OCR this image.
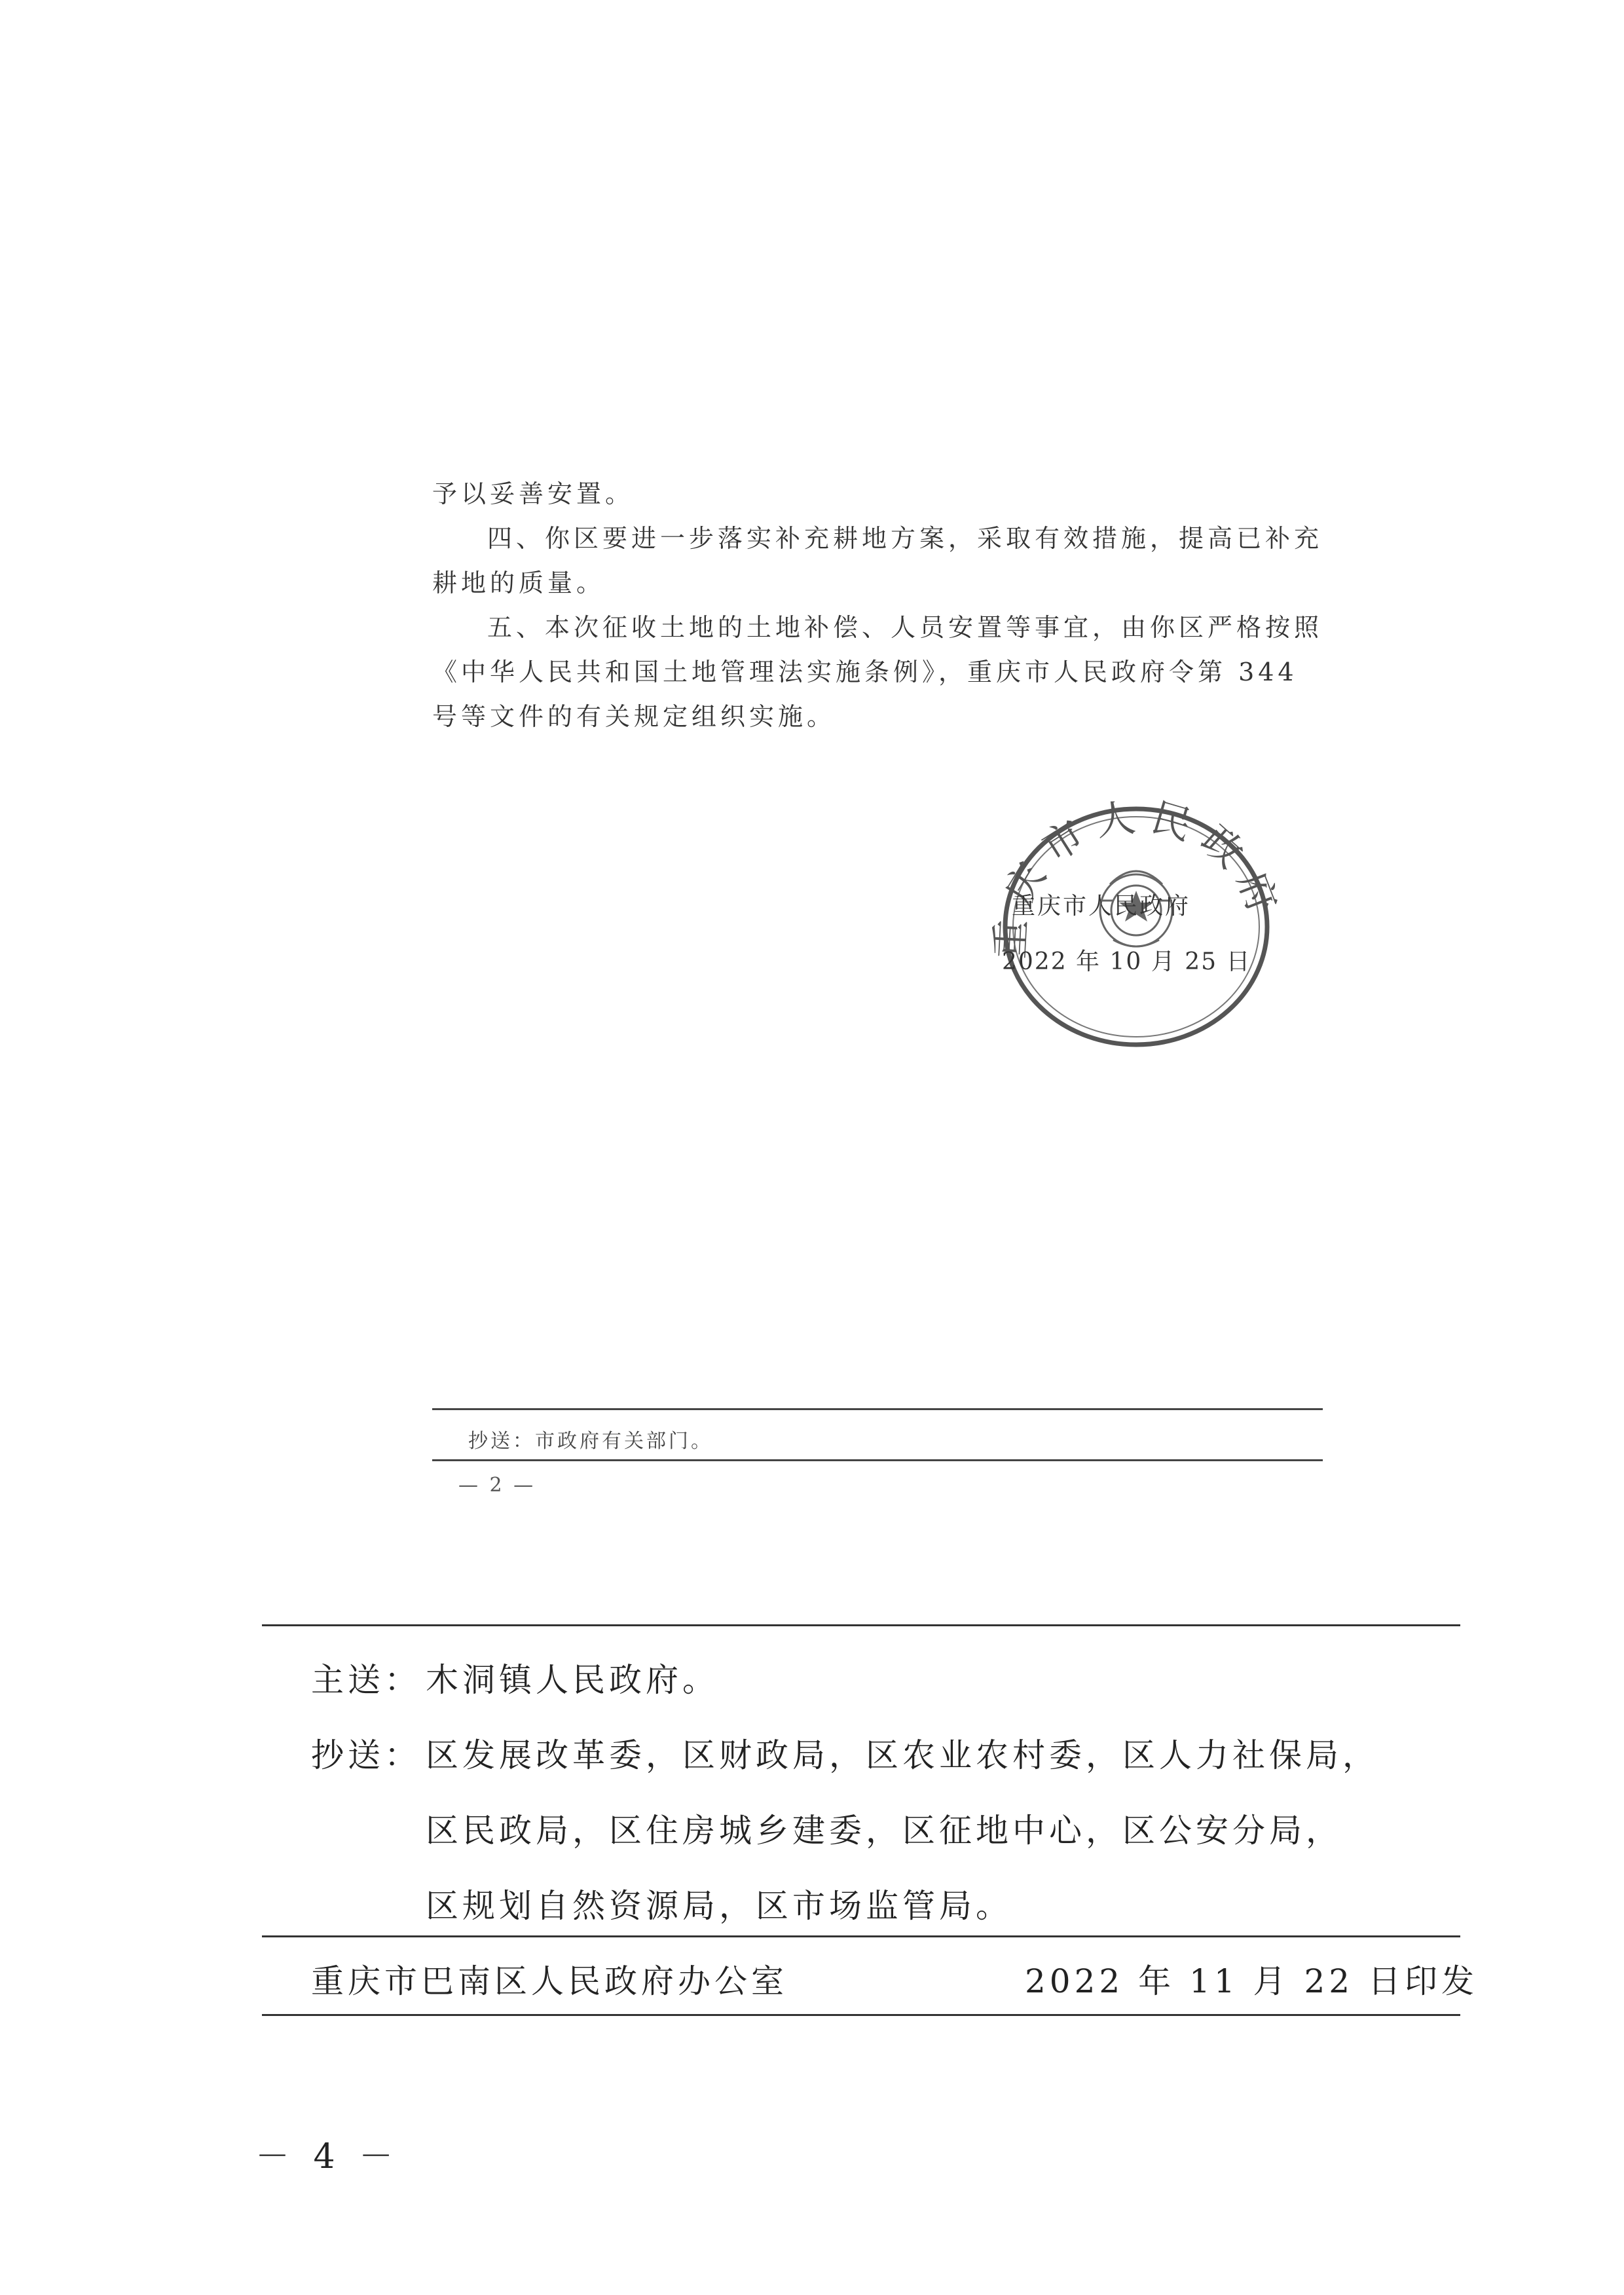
予以妥善安置。

四、你区要进一步落实补充耕地方案，采取有效措施，提高已补充耕地的质量。

五、本次征收土地的土地补偿、人员安置等事宜，由你区严格按照《中华人民共和国土地管理法实施条例》，重庆市人民政府令第 344 号等文件的有关规定组织实施。

重庆市人民政府
重庆市人民政府
2022 年 10 月 25 日
抄送：市政府有关部门。
— 2 —
主送： 木洞镇人民政府。
抄送： 区发展改革委，区财政局，区农业农村委，区人力社保局，
区民政局，区住房城乡建委，区征地中心，区公安分局，
区规划自然资源局，区市场监管局。
重庆市巴南区人民政府办公室	2022 年 11 月 22 日印发
－ 4 －
